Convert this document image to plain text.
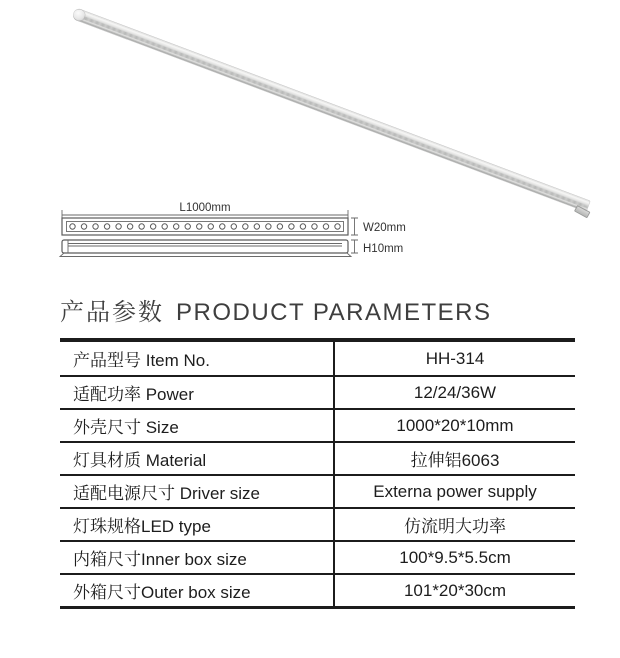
L1000mm
W20mm
H10mm
产品参数 PRODUCT PARAMETERS
产品型号 Item No.	HH-314
适配功率 Power	12/24/36W
外壳尺寸 Size	1000*20*10mm
灯具材质 Material	拉伸铝6063
适配电源尺寸 Driver size	Externa power supply
灯珠规格LED type	仿流明大功率
内箱尺寸Inner box size	100*9.5*5.5cm
外箱尺寸Outer box size	101*20*30cm
